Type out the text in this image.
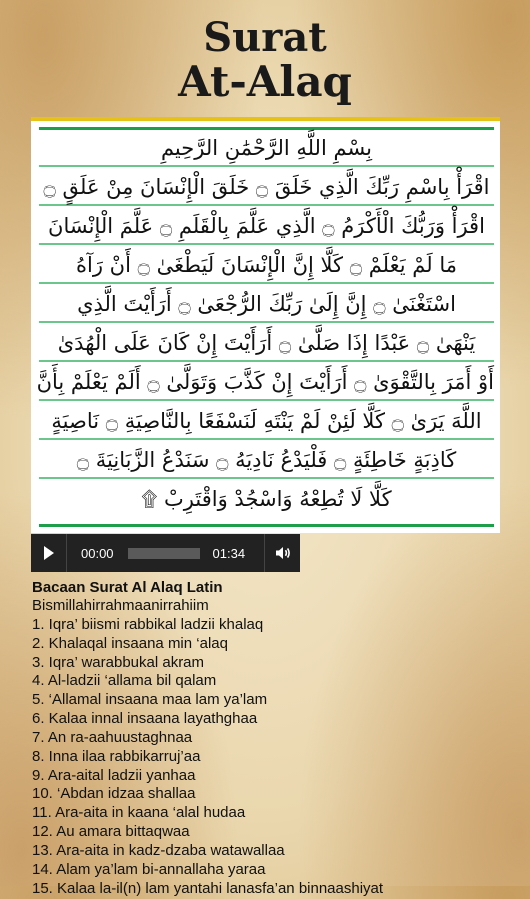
Surat
At-Alaq
بِسْمِ اللَّهِ الرَّحْمَٰنِ الرَّحِيمِ
اقْرَأْ بِاسْمِ رَبِّكَ الَّذِي خَلَقَ ۝ خَلَقَ الْإِنْسَانَ مِنْ عَلَقٍ ۝
اقْرَأْ وَرَبُّكَ الْأَكْرَمُ ۝ الَّذِي عَلَّمَ بِالْقَلَمِ ۝ عَلَّمَ الْإِنْسَانَ
مَا لَمْ يَعْلَمْ ۝ كَلَّا إِنَّ الْإِنْسَانَ لَيَطْغَىٰ ۝ أَنْ رَآهُ
اسْتَغْنَىٰ ۝ إِنَّ إِلَىٰ رَبِّكَ الرُّجْعَىٰ ۝ أَرَأَيْتَ الَّذِي
يَنْهَىٰ ۝ عَبْدًا إِذَا صَلَّىٰ ۝ أَرَأَيْتَ إِنْ كَانَ عَلَى الْهُدَىٰ
أَوْ أَمَرَ بِالتَّقْوَىٰ ۝ أَرَأَيْتَ إِنْ كَذَّبَ وَتَوَلَّىٰ ۝ أَلَمْ يَعْلَمْ بِأَنَّ
اللَّهَ يَرَىٰ ۝ كَلَّا لَئِنْ لَمْ يَنْتَهِ لَنَسْفَعًا بِالنَّاصِيَةِ ۝ نَاصِيَةٍ
كَاذِبَةٍ خَاطِئَةٍ ۝ فَلْيَدْعُ نَادِيَهُ ۝ سَنَدْعُ الزَّبَانِيَةَ ۝
كَلَّا لَا تُطِعْهُ وَاسْجُدْ وَاقْتَرِبْ ۩
00:00	01:34
Bacaan Surat Al Alaq Latin
Bismillahirrahmaanirrahiim
1. Iqra’ biismi rabbikal ladzii khalaq
2. Khalaqal insaana min ‘alaq
3. Iqra’ warabbukal akram
4. Al-ladzii ‘allama bil qalam
5. ‘Allamal insaana maa lam ya’lam
6. Kalaa innal insaana layathghaa
7. An ra-aahuustaghnaa
8. Inna ilaa rabbikarruj’aa
9. Ara-aital ladzii yanhaa
10. ‘Abdan idzaa shallaa
11. Ara-aita in kaana ‘alal hudaa
12. Au amara bittaqwaa
13. Ara-aita in kadz-dzaba watawallaa
14. Alam ya’lam bi-annallaha yaraa
15. Kalaa la-il(n) lam yantahi lanasfa’an binnaashiyat
